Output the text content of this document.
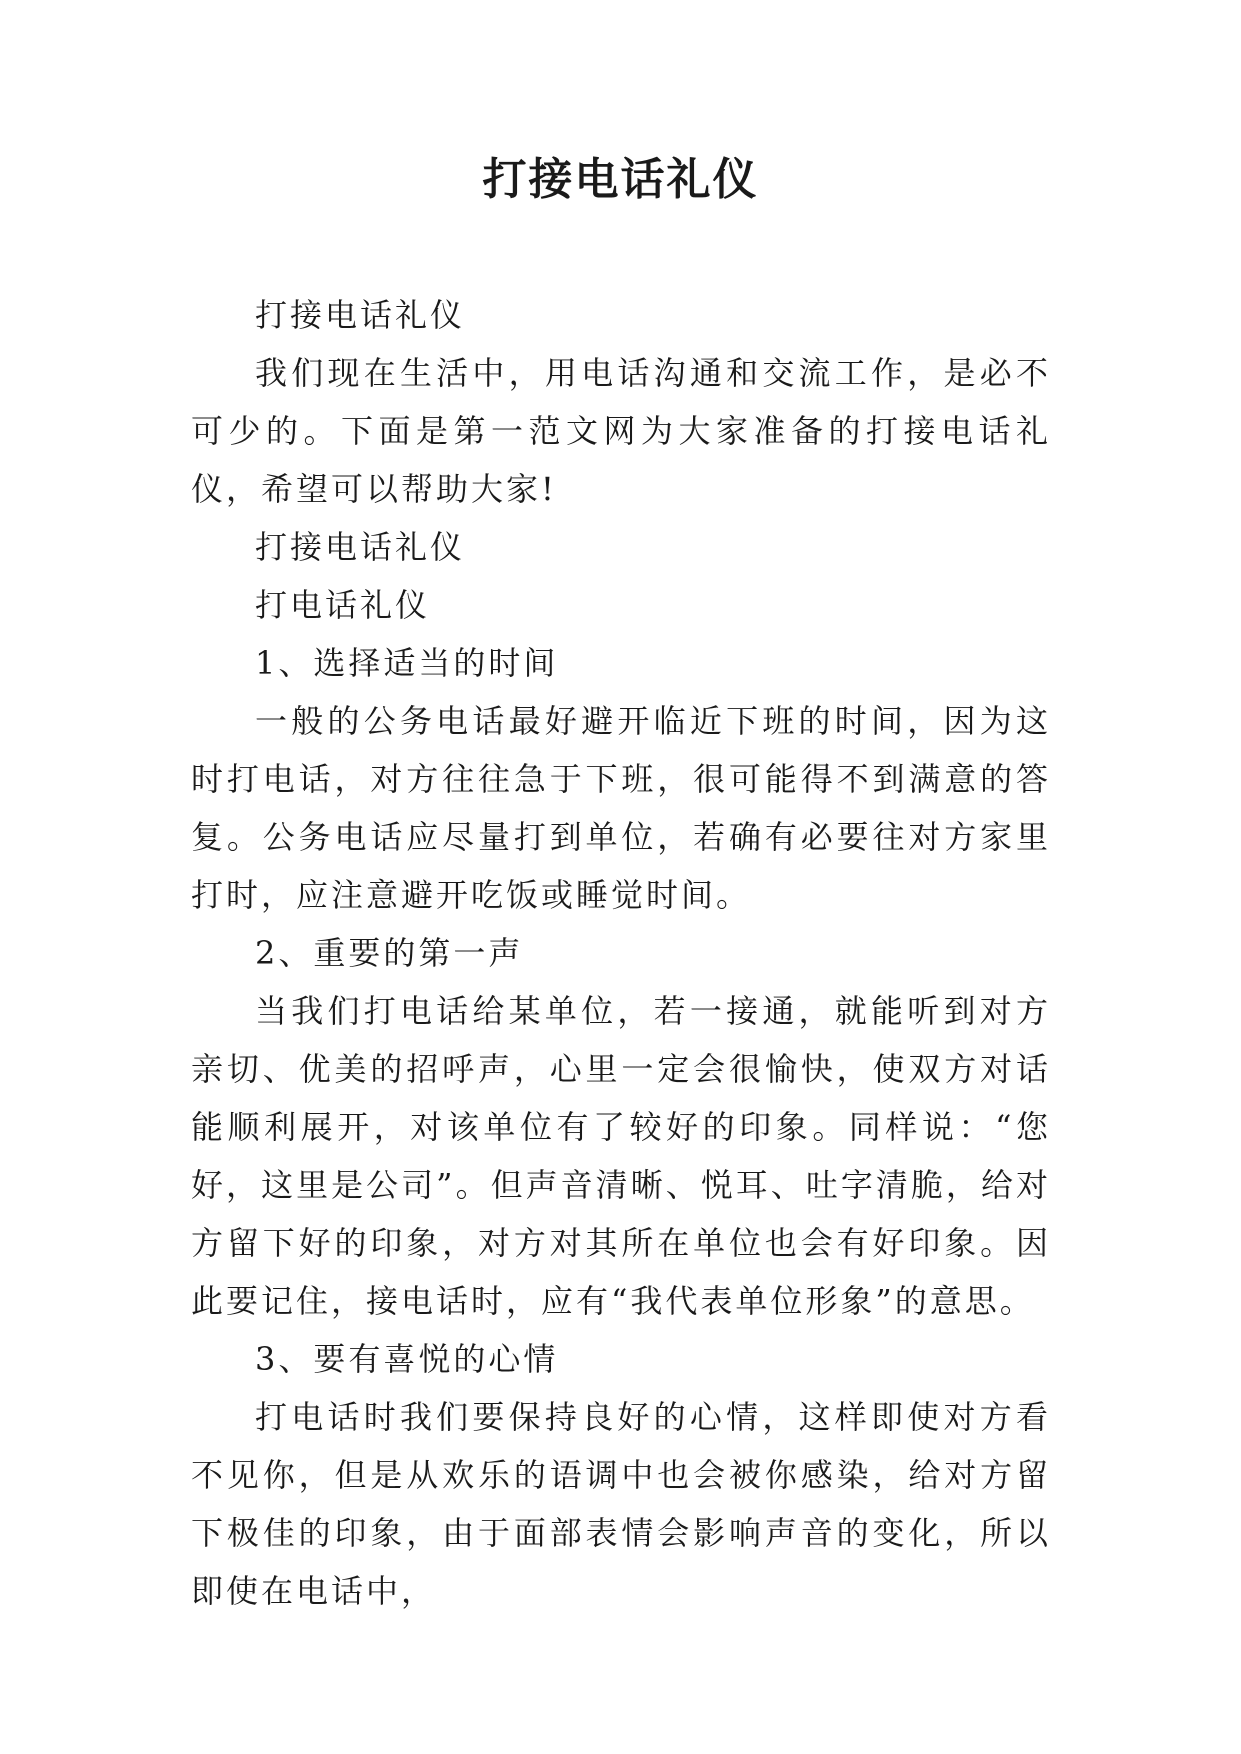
打接电话礼仪

打接电话礼仪

我们现在生活中，用电话沟通和交流工作，是必不可少的。下面是第一范文网为大家准备的打接电话礼仪，希望可以帮助大家!

打接电话礼仪

打电话礼仪

1、选择适当的时间

一般的公务电话最好避开临近下班的时间，因为这时打电话，对方往往急于下班，很可能得不到满意的答复。公务电话应尽量打到单位，若确有必要往对方家里打时，应注意避开吃饭或睡觉时间。

2、重要的第一声

当我们打电话给某单位，若一接通，就能听到对方亲切、优美的招呼声，心里一定会很愉快，使双方对话能顺利展开，对该单位有了较好的印象。同样说：“您好，这里是公司”。但声音清晰、悦耳、吐字清脆，给对方留下好的印象，对方对其所在单位也会有好印象。因此要记住，接电话时，应有“我代表单位形象”的意思。

3、要有喜悦的心情

打电话时我们要保持良好的心情，这样即使对方看不见你，但是从欢乐的语调中也会被你感染，给对方留下极佳的印象，由于面部表情会影响声音的变化，所以即使在电话中，
